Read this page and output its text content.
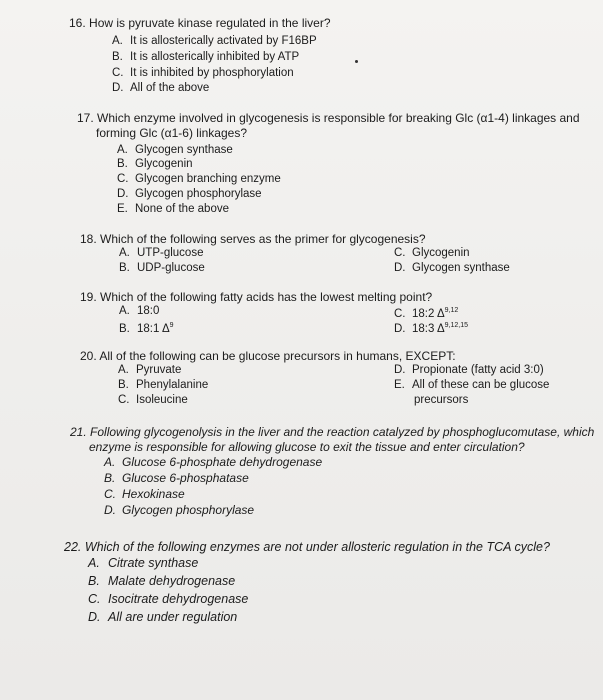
​
16. How is pyruvate kinase regulated in the liver?
A. It is allosterically activated by F16BP
B. It is allosterically inhibited by ATP
C. It is inhibited by phosphorylation
D. All of the above
17. Which enzyme involved in glycogenesis is responsible for breaking Glc (α1-4) linkages and
forming Glc (α1-6) linkages?
A. Glycogen synthase
B. Glycogenin
C. Glycogen branching enzyme
D. Glycogen phosphorylase
E. None of the above
18. Which of the following serves as the primer for glycogenesis?
A. UTP-glucose
B. UDP-glucose
C. Glycogenin
D. Glycogen synthase
19. Which of the following fatty acids has the lowest melting point?
A. 18:0
B. 18:1 $\Delta^9$
C. 18:2 Δ$^{9,12}$
D. 18:3 Δ$^{9,12,15}$
20. All of the following can be glucose precursors in humans, EXCEPT:
A. Pyruvate
B. Phenylalanine
C. Isoleucine
D. Propionate (fatty acid 3:0)
E. All of these can be glucose
precursors
21. Following glycogenolysis in the liver and the reaction catalyzed by phosphoglucomutase, which
enzyme is responsible for allowing glucose to exit the tissue and enter circulation?
A. Glucose 6-phosphate dehydrogenase
B. Glucose 6-phosphatase
C. Hexokinase
D. Glycogen phosphorylase
22. Which of the following enzymes are not under allosteric regulation in the TCA cycle?
A. Citrate synthase
B. Malate dehydrogenase
C. Isocitrate dehydrogenase
D. All are under regulation
